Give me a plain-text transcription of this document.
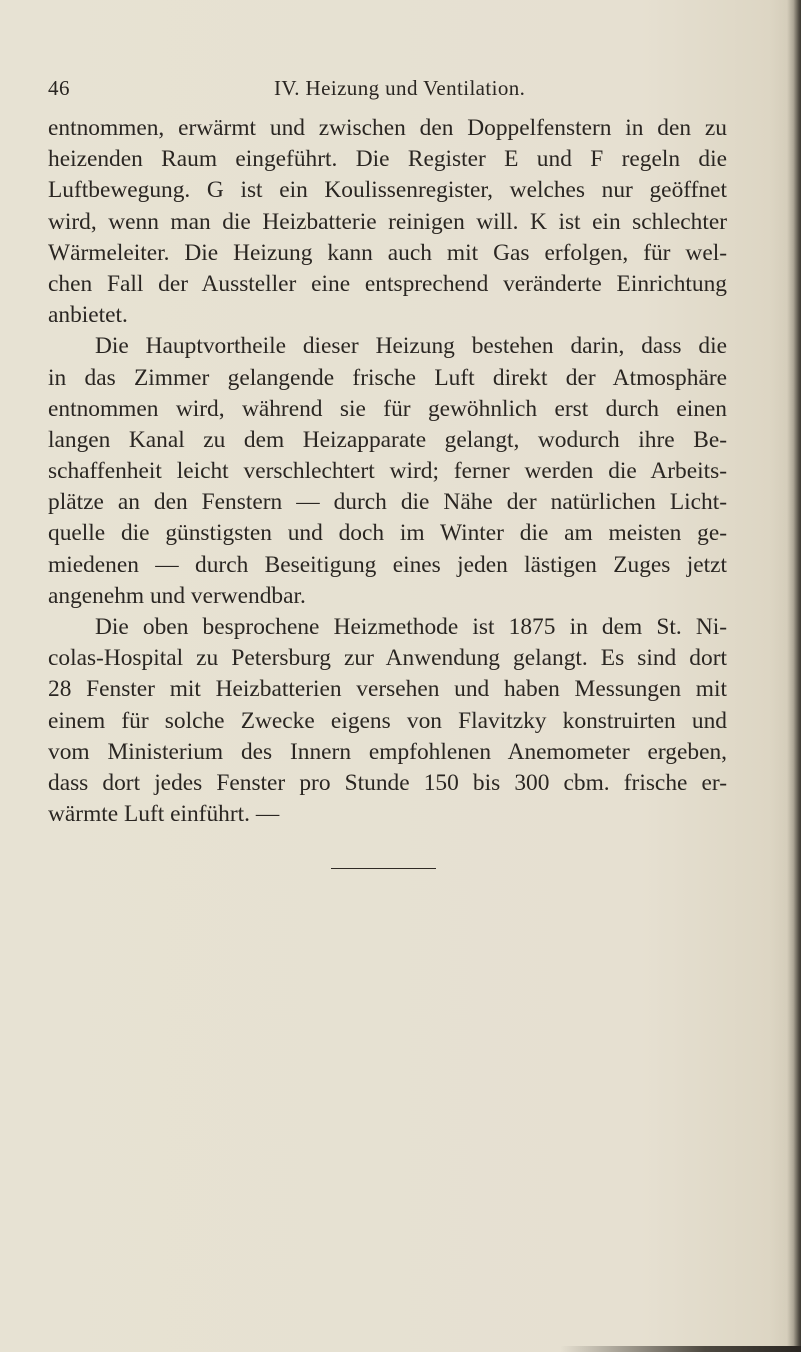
46	IV. Heizung und Ventilation.
entnommen, erwärmt und zwischen den Doppelfenstern in den zu
heizenden Raum eingeführt. Die Register E und F regeln die
Luftbewegung. G ist ein Koulissenregister, welches nur geöffnet
wird, wenn man die Heizbatterie reinigen will. K ist ein schlechter
Wärmeleiter. Die Heizung kann auch mit Gas erfolgen, für wel-
chen Fall der Aussteller eine entsprechend veränderte Einrichtung
anbietet.
Die Hauptvortheile dieser Heizung bestehen darin, dass die
in das Zimmer gelangende frische Luft direkt der Atmosphäre
entnommen wird, während sie für gewöhnlich erst durch einen
langen Kanal zu dem Heizapparate gelangt, wodurch ihre Be-
schaffenheit leicht verschlechtert wird; ferner werden die Arbeits-
plätze an den Fenstern — durch die Nähe der natürlichen Licht-
quelle die günstigsten und doch im Winter die am meisten ge-
miedenen — durch Beseitigung eines jeden lästigen Zuges jetzt
angenehm und verwendbar.
Die oben besprochene Heizmethode ist 1875 in dem St. Ni-
colas-Hospital zu Petersburg zur Anwendung gelangt. Es sind dort
28 Fenster mit Heizbatterien versehen und haben Messungen mit
einem für solche Zwecke eigens von Flavitzky konstruirten und
vom Ministerium des Innern empfohlenen Anemometer ergeben,
dass dort jedes Fenster pro Stunde 150 bis 300 cbm. frische er-
wärmte Luft einführt. —
